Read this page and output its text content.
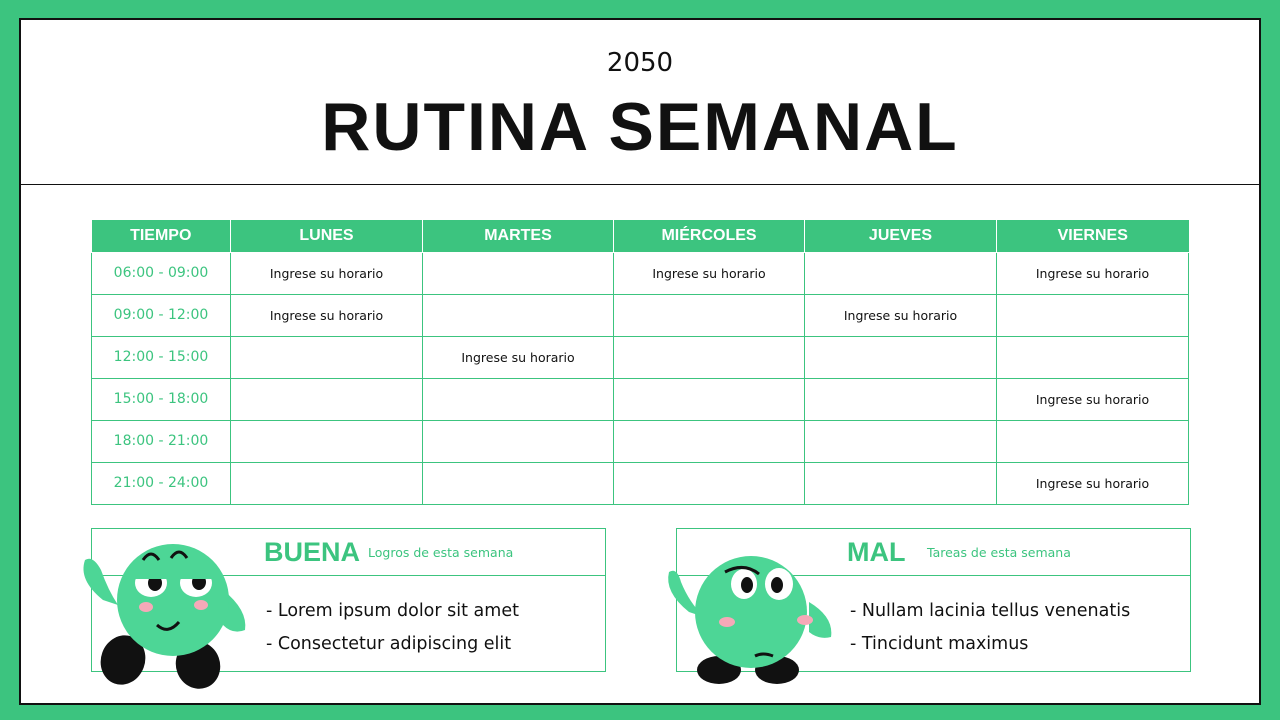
2050
RUTINA SEMANAL
TIEMPO	LUNES	MARTES	MIÉRCOLES	JUEVES	VIERNES
06:00 - 09:00	Ingrese su horario		Ingrese su horario		Ingrese su horario
09:00 - 12:00	Ingrese su horario			Ingrese su horario	
12:00 - 15:00		Ingrese su horario			
15:00 - 18:00					Ingrese su horario
18:00 - 21:00					
21:00 - 24:00					Ingrese su horario
BUENA Logros de esta semana
- Lorem ipsum dolor sit amet
- Consectetur adipiscing elit
MAL Tareas de esta semana
- Nullam lacinia tellus venenatis
- Tincidunt maximus
